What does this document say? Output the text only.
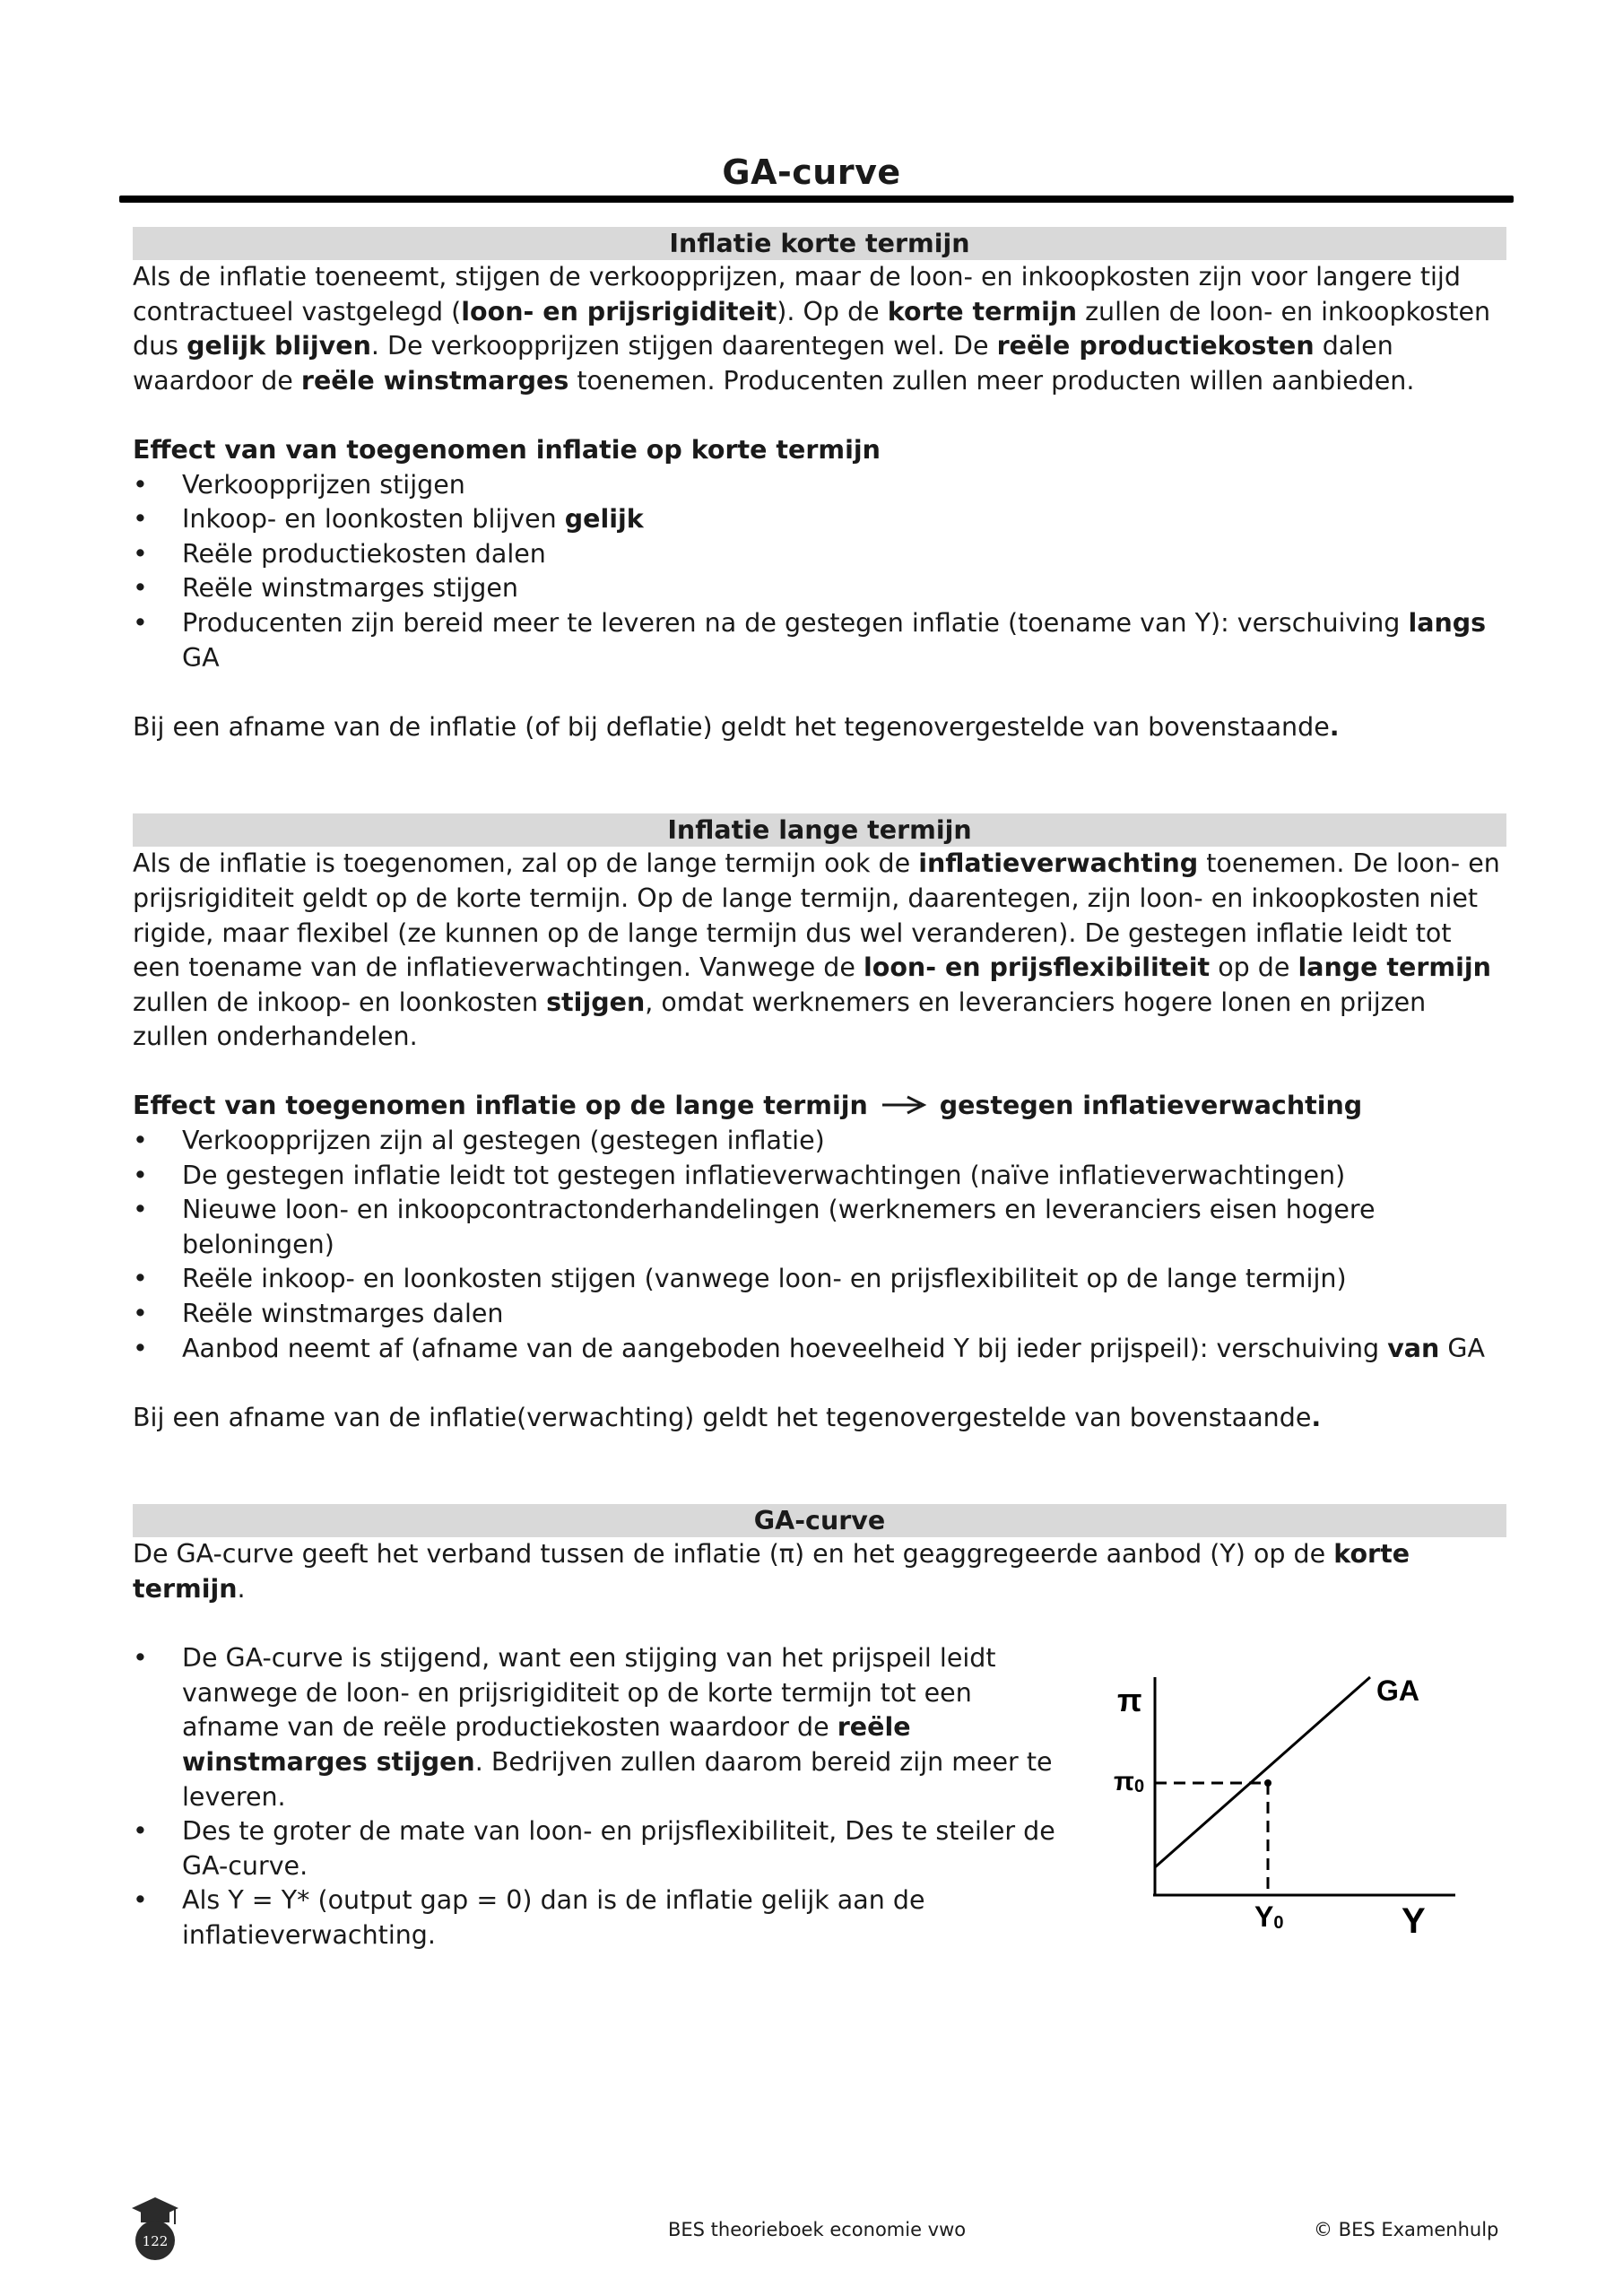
GA-curve
Inflatie korte termijn

Als de inflatie toeneemt, stijgen de verkoopprijzen, maar de loon- en inkoopkosten zijn voor langere tijd contractueel vastgelegd (loon- en prijsrigiditeit). Op de korte termijn zullen de loon- en inkoopkosten dus gelijk blijven. De verkoopprijzen stijgen daarentegen wel. De reële productiekosten dalen waardoor de reële winstmarges toenemen. Producenten zullen meer producten willen aanbieden.

Effect van van toegenomen inflatie op korte termijn

• Verkoopprijzen stijgen
• Inkoop- en loonkosten blijven gelijk
• Reële productiekosten dalen
• Reële winstmarges stijgen
• Producenten zijn bereid meer te leveren na de gestegen inflatie (toename van Y): verschuiving langs GA

Bij een afname van de inflatie (of bij deflatie) geldt het tegenovergestelde van bovenstaande.

Inflatie lange termijn

Als de inflatie is toegenomen, zal op de lange termijn ook de inflatieverwachting toenemen. De loon- en prijsrigiditeit geldt op de korte termijn. Op de lange termijn, daarentegen, zijn loon- en inkoopkosten niet rigide, maar flexibel (ze kunnen op de lange termijn dus wel veranderen). De gestegen inflatie leidt tot een toename van de inflatieverwachtingen. Vanwege de loon- en prijsflexibiliteit op de lange termijn zullen de inkoop- en loonkosten stijgen, omdat werknemers en leveranciers hogere lonen en prijzen zullen onderhandelen.

Effect van toegenomen inflatie op de lange termijn	gestegen inflatieverwachting

• Verkoopprijzen zijn al gestegen (gestegen inflatie)
• De gestegen inflatie leidt tot gestegen inflatieverwachtingen (naïve inflatieverwachtingen)
• Nieuwe loon- en inkoopcontractonderhandelingen (werknemers en leveranciers eisen hogere beloningen)
• Reële inkoop- en loonkosten stijgen (vanwege loon- en prijsflexibiliteit op de lange termijn)
• Reële winstmarges dalen
• Aanbod neemt af (afname van de aangeboden hoeveelheid Y bij ieder prijspeil): verschuiving van GA

Bij een afname van de inflatie(verwachting) geldt het tegenovergestelde van bovenstaande.

GA-curve

De GA-curve geeft het verband tussen de inflatie (π) en het geaggregeerde aanbod (Y) op de korte termijn.

• De GA-curve is stijgend, want een stijging van het prijspeil leidt vanwege de loon- en prijsrigiditeit op de korte termijn tot een afname van de reële productiekosten waardoor de reële winstmarges stijgen. Bedrijven zullen daarom bereid zijn meer te leveren.
• Des te groter de mate van loon- en prijsflexibiliteit, Des te steiler de GA-curve.
• Als Y = Y* (output gap = 0) dan is de inflatie gelijk aan de inflatieverwachting.
π	GA
π0
Y0	Y
122
BES theorieboek economie vwo	© BES Examenhulp
